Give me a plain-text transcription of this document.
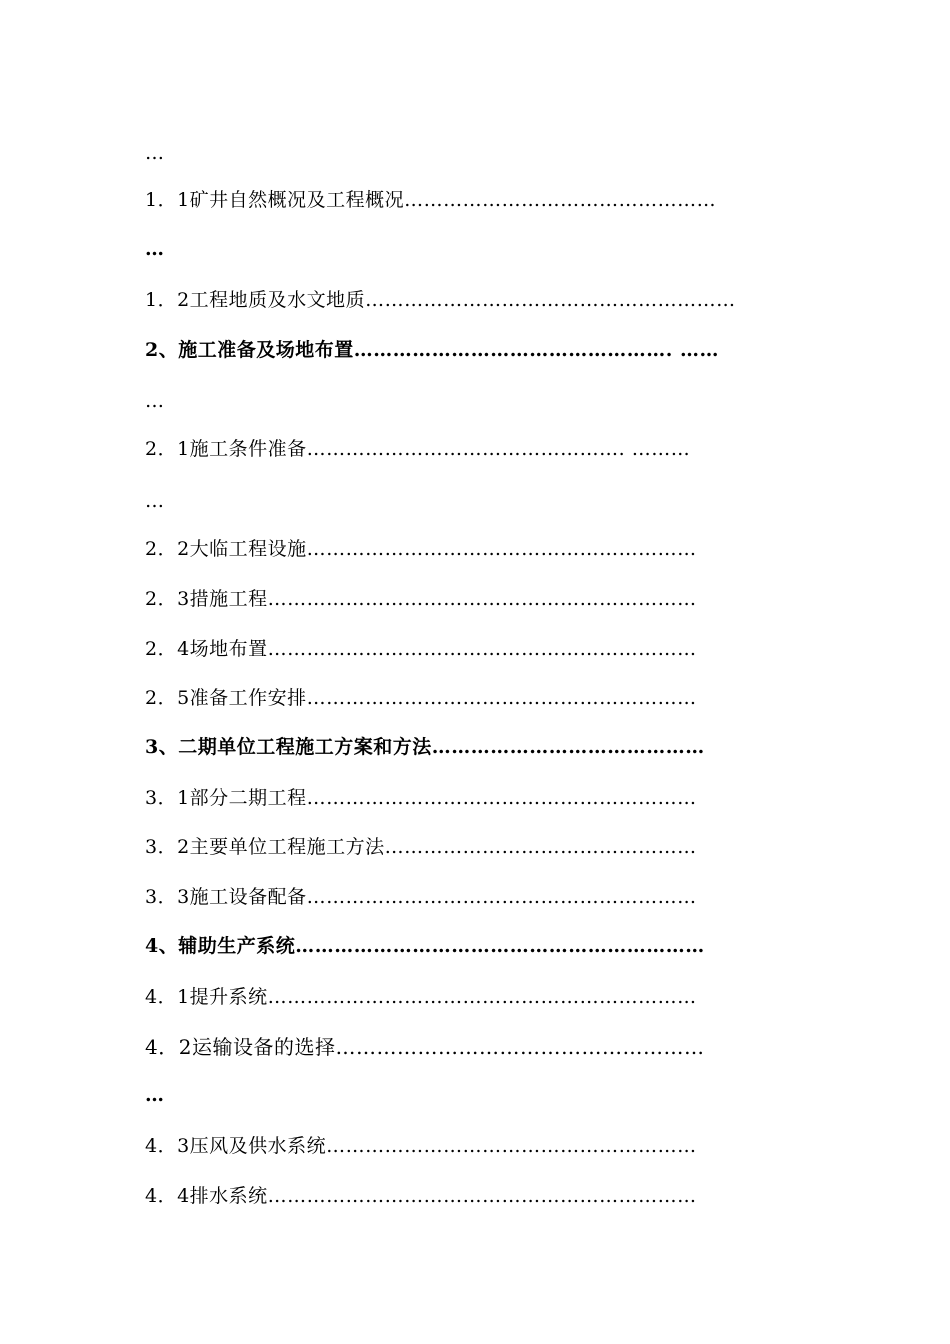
…
1．1矿井自然概况及工程概况…………………………………………
…
1．2工程地质及水文地质…………………………………………………
2、施工准备及场地布置…………………………………………. ……
…
2．1施工条件准备…………………………………………. ………
…
2．2大临工程设施……………………………………………………
2．3措施工程…………………………………………………………
2．4场地布置…………………………………………………………
2．5准备工作安排……………………………………………………
3、二期单位工程施工方案和方法……………………………………
3．1部分二期工程……………………………………………………
3．2主要单位工程施工方法…………………………………………
3．3施工设备配备……………………………………………………
4、辅助生产系统………………………………………………………
4．1提升系统…………………………………………………………
4．2运输设备的选择………………………………………………
…
4．3压风及供水系统…………………………………………………
4．4排水系统…………………………………………………………
